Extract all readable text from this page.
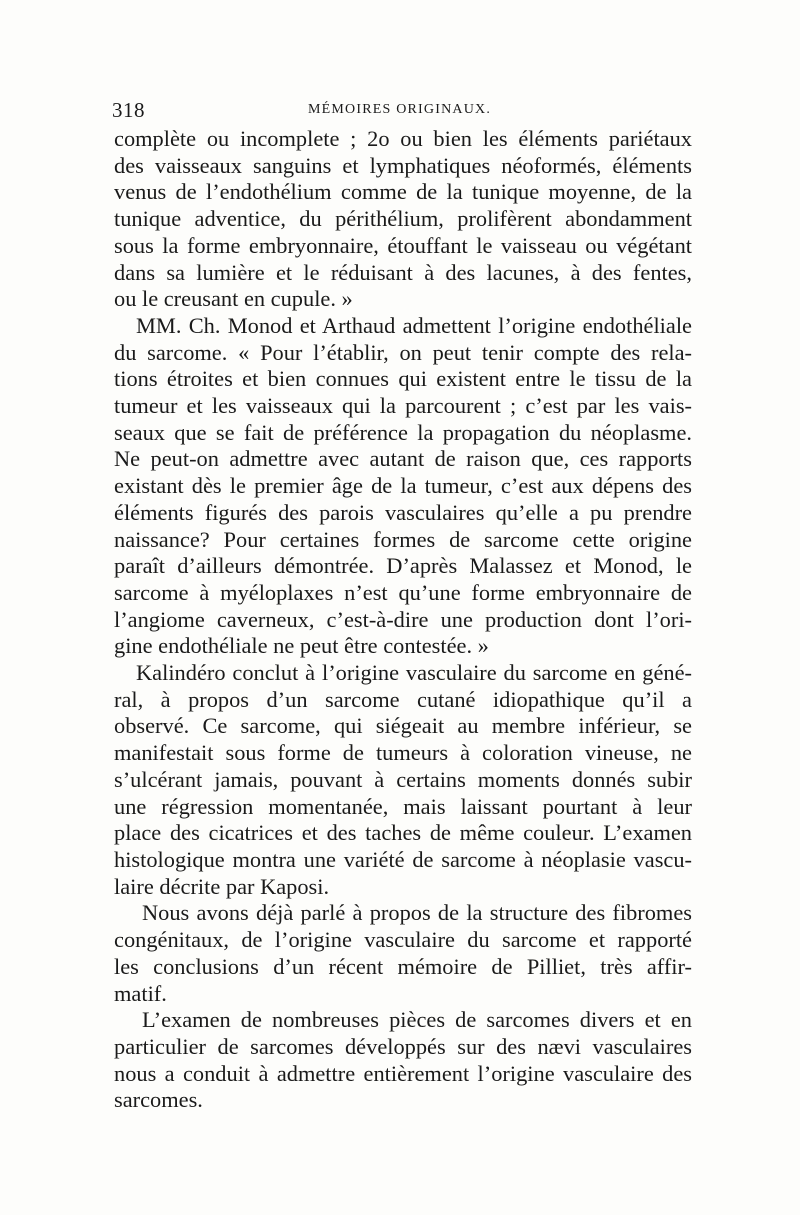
318	MÉMOIRES ORIGINAUX.
complète ou incomplete ; 2o ou bien les éléments pariétaux
des vaisseaux sanguins et lymphatiques néoformés, éléments
venus de l’endothélium comme de la tunique moyenne, de la
tunique adventice, du périthélium, prolifèrent abondamment
sous la forme embryonnaire, étouffant le vaisseau ou végétant
dans sa lumière et le réduisant à des lacunes, à des fentes,
ou le creusant en cupule. »
MM. Ch. Monod et Arthaud admettent l’origine endothéliale
du sarcome. « Pour l’établir, on peut tenir compte des rela-
tions étroites et bien connues qui existent entre le tissu de la
tumeur et les vaisseaux qui la parcourent ; c’est par les vais-
seaux que se fait de préférence la propagation du néoplasme.
Ne peut-on admettre avec autant de raison que, ces rapports
existant dès le premier âge de la tumeur, c’est aux dépens des
éléments figurés des parois vasculaires qu’elle a pu prendre
naissance? Pour certaines formes de sarcome cette origine
paraît d’ailleurs démontrée. D’après Malassez et Monod, le
sarcome à myéloplaxes n’est qu’une forme embryonnaire de
l’angiome caverneux, c’est-à-dire une production dont l’ori-
gine endothéliale ne peut être contestée. »
Kalindéro conclut à l’origine vasculaire du sarcome en géné-
ral, à propos d’un sarcome cutané idiopathique qu’il a
observé. Ce sarcome, qui siégeait au membre inférieur, se
manifestait sous forme de tumeurs à coloration vineuse, ne
s’ulcérant jamais, pouvant à certains moments donnés subir
une régression momentanée, mais laissant pourtant à leur
place des cicatrices et des taches de même couleur. L’examen
histologique montra une variété de sarcome à néoplasie vascu-
laire décrite par Kaposi.
Nous avons déjà parlé à propos de la structure des fibromes
congénitaux, de l’origine vasculaire du sarcome et rapporté
les conclusions d’un récent mémoire de Pilliet, très affir-
matif.
L’examen de nombreuses pièces de sarcomes divers et en
particulier de sarcomes développés sur des nævi vasculaires
nous a conduit à admettre entièrement l’origine vasculaire des
sarcomes.
